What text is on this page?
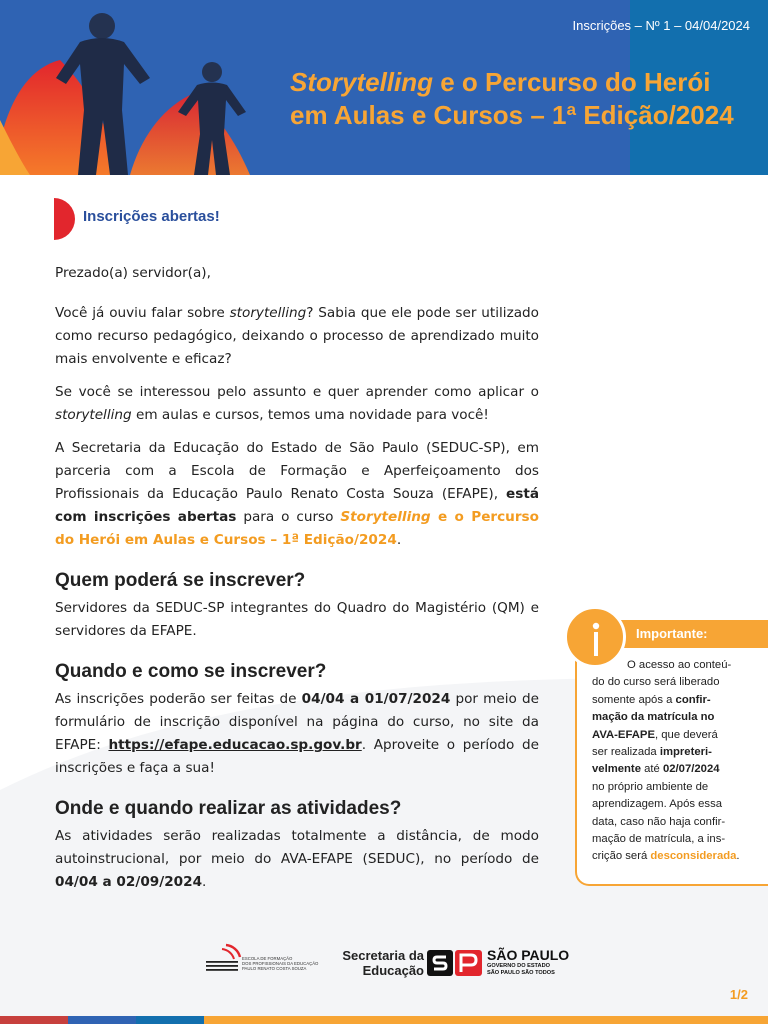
Inscrições – Nº 1 – 04/04/2024
Storytelling e o Percurso do Herói
em Aulas e Cursos – 1ª Edição/2024
Inscrições abertas!

Prezado(a) servidor(a),

Você já ouviu falar sobre storytelling? Sabia que ele pode ser utilizado como recurso pedagógico, deixando o processo de aprendizado muito mais envolvente e eficaz?

Se você se interessou pelo assunto e quer aprender como aplicar o storytelling em aulas e cursos, temos uma novidade para você!

A Secretaria da Educação do Estado de São Paulo (SEDUC-SP), em parceria com a Escola de Formação e Aperfeiçoamento dos Profissionais da Educação Paulo Renato Costa Souza (EFAPE), está com inscrições abertas para o curso Storytelling e o Percurso do Herói em Aulas e Cursos – 1ª Edição/2024.

Quem poderá se inscrever?

Servidores da SEDUC-SP integrantes do Quadro do Magistério (QM) e servidores da EFAPE.

Quando e como se inscrever?

As inscrições poderão ser feitas de 04/04 a 01/07/2024 por meio de formulário de inscrição disponível na página do curso, no site da EFAPE: https://efape.educacao.sp.gov.br. Aproveite o período de inscrições e faça a sua!

Onde e quando realizar as atividades?

As atividades serão realizadas totalmente a distância, de modo autoinstrucional, por meio do AVA-EFAPE (SEDUC), no período de 04/04 a 02/09/2024.

Importante:
O acesso ao conteú-
do do curso será liberado
somente após a confir-
mação da matrícula no
AVA-EFAPE, que deverá
ser realizada impreteri-
velmente até 02/07/2024
no próprio ambiente de
aprendizagem. Após essa
data, caso não haja confir-
mação de matrícula, a ins-
crição será desconsiderada.
ESCOLA DE FORMAÇÃO
DOS PROFISSIONAIS DA EDUCAÇÃO
PAULO RENATO COSTA SOUZA
Secretaria da
Educação
SÃO PAULO
GOVERNO DO ESTADO
SÃO PAULO SÃO TODOS
1/2
